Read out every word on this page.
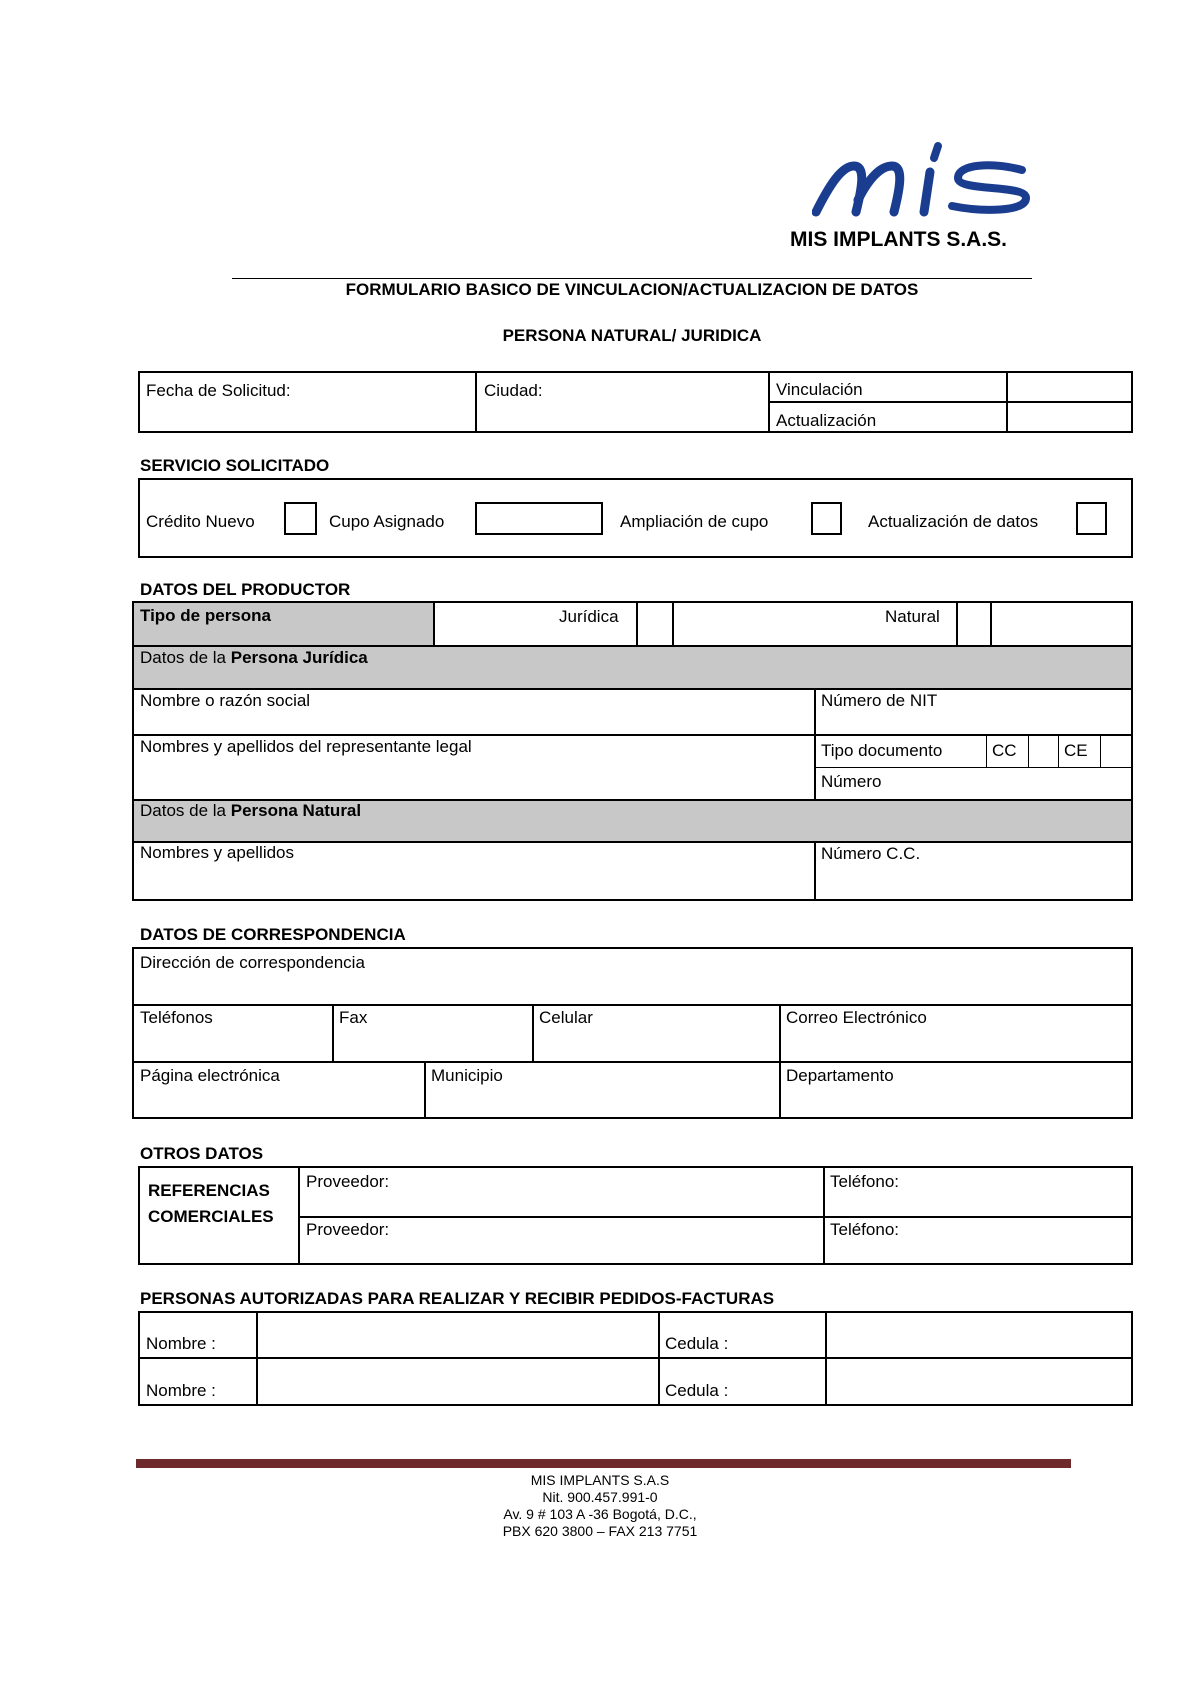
MIS IMPLANTS S.A.S.
FORMULARIO BASICO DE VINCULACION/ACTUALIZACION DE DATOS
PERSONA NATURAL/ JURIDICA
Fecha de Solicitud:	Ciudad:	Vinculación
Actualización
SERVICIO SOLICITADO
Crédito Nuevo	Cupo Asignado	Ampliación de cupo	Actualización de datos
DATOS DEL PRODUCTOR
Tipo de persona	Jurídica	Natural
Datos de la Persona Jurídica
Nombre o razón social	Número de NIT
Nombres y apellidos del representante legal	Tipo documento	CC	CE
Número
Datos de la Persona Natural
Nombres y apellidos	Número C.C.
DATOS DE CORRESPONDENCIA
Dirección de correspondencia
Teléfonos	Fax	Celular	Correo Electrónico
Página electrónica	Municipio	Departamento
OTROS DATOS
REFERENCIAS
COMERCIALES
Proveedor:	Teléfono:
Proveedor:	Teléfono:
PERSONAS AUTORIZADAS PARA REALIZAR Y RECIBIR PEDIDOS-FACTURAS
Nombre :	Cedula :
Nombre :	Cedula :
MIS IMPLANTS S.A.S
Nit. 900.457.991-0
Av. 9 # 103 A -36 Bogotá, D.C.,
PBX 620 3800 – FAX 213 7751
